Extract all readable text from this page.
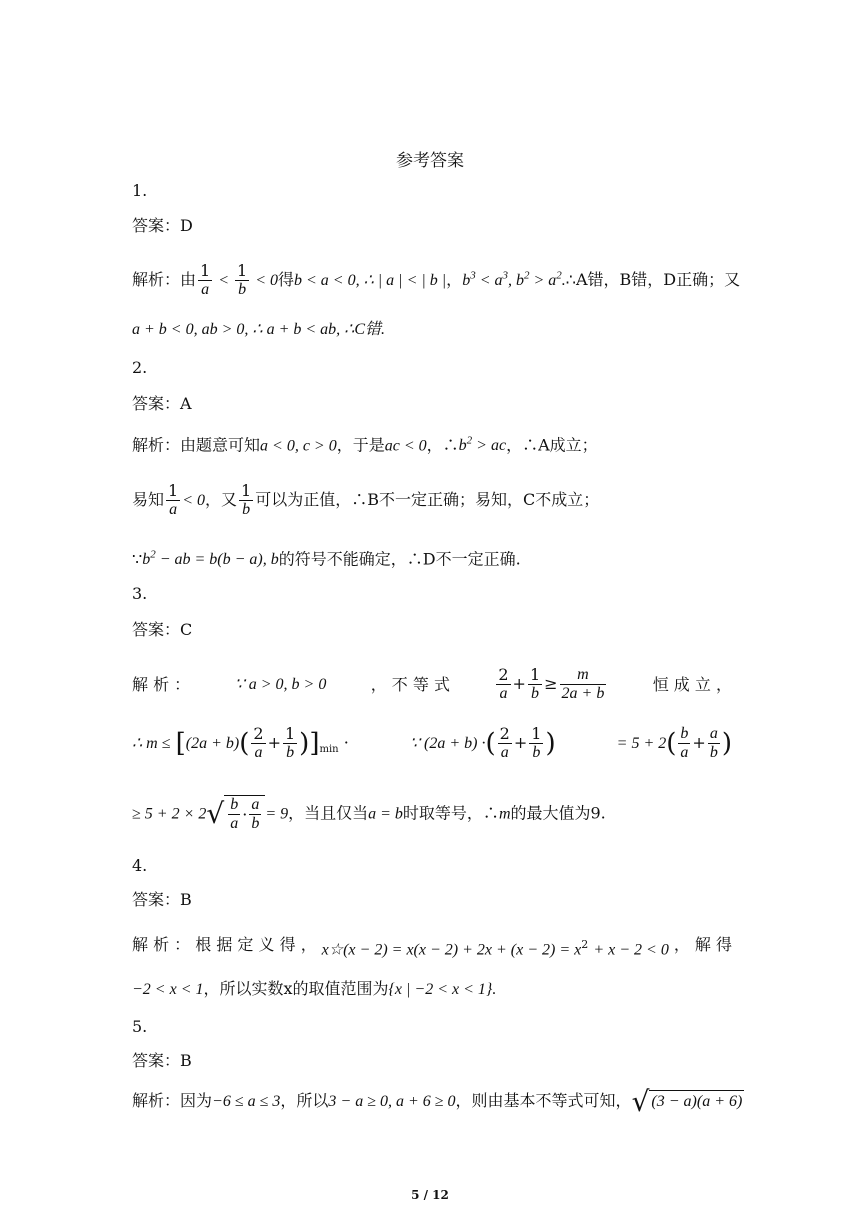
参考答案
1.
答案：D
解析：由 $\frac{1}{a} < \frac{1}{b} < 0$得b < a < 0, ∴ | a | < | b |，$b^3 < a^3$, $b^2$ > $a^2.\therefore A$错，B错，D正确；又
a + b < 0, ab > 0, ∴ a + b < ab, ∴C错.
2.
答案：A
解析：由题意可知a < 0, c > 0，于是ac < 0，$\therefore b^2$ > ac，∴A成立；
易知 $\frac{1}{a} < 0$，又 $\frac{1}{b}$ 可以为正值，∴B不一定正确；易知，C不成立；
$\because b^2$ − ab = b(b − a), b的符号不能确定，∴D不一定正确.
3.
答案：C
解 析 ：	∵ a > 0, b > 0	， 不 等 式	$\frac{2}{a} + \frac{1}{b} \ge \frac{m}{2a + b}$	恒 成 立 ，
∴ $m \le [(2a + b)( \frac{2}{a} + \frac{1}{b} )]_{min}$ ·	∵ (2a + b) ·( $\frac{2}{a} + \frac{1}{b}$ )	= $5 + 2( \frac{b}{a} + \frac{a}{b}$ )
≥ 5 + 2 × 2 √ $\frac{b}{a} \cdot \frac{a}{b} = 9$，当且仅当a = b时取等号，∴m的最大值为9.
4.
答案：B
解 析 ： 根 据 定 义 得 ， x☆(x − $2) = x(x - 2) + 2x + (x - 2) = x^2 + x - 2 < 0$ ， 解 得
−2 < x < 1，所以实数x的取值范围为{x | −2 < x < 1}.
5.
答案：B
解析：因为−6 ≤ a ≤ 3，所以3 − a ≥ 0, a + 6 ≥ 0，则由基本不等式可知， √ (3 − a)(a + 6)
5 / 12
